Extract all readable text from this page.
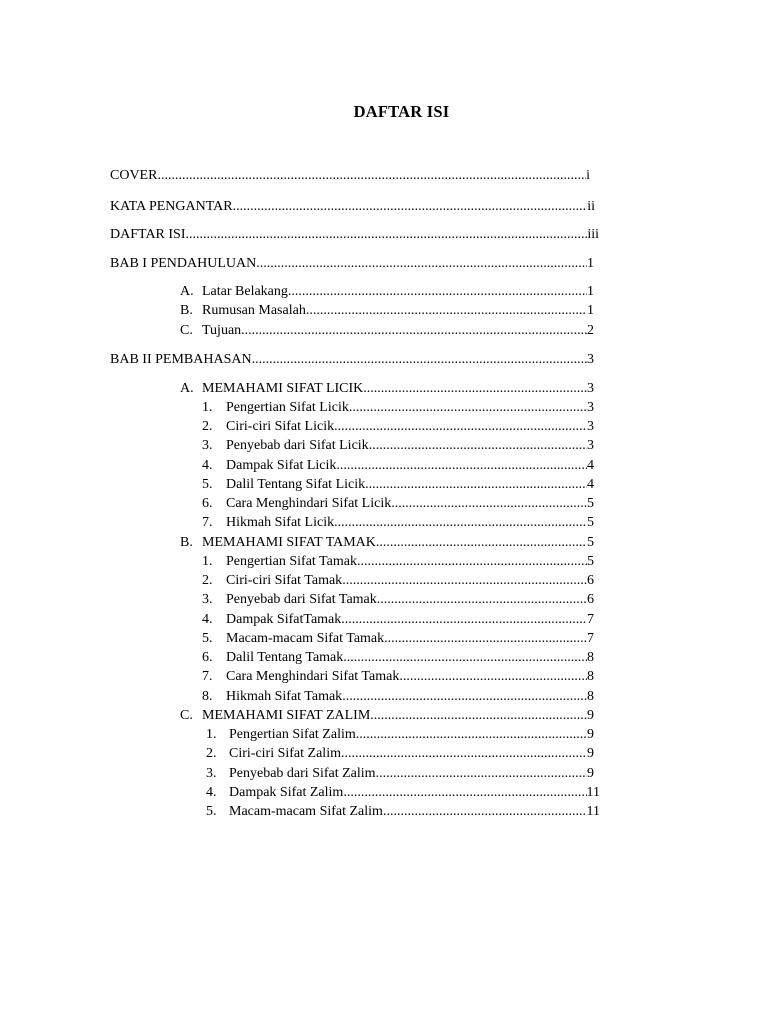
DAFTAR ISI
COVER .....	i
KATA PENGANTAR .....	ii
DAFTAR ISI .....	iii
BAB I PENDAHULUAN .....	1
A. Latar Belakang .....	1
B. Rumusan Masalah .....	1
C. Tujuan .....	2
BAB II PEMBAHASAN .....	3
A. MEMAHAMI SIFAT LICIK .....	3
1. Pengertian Sifat Licik .....	3
2. Ciri-ciri Sifat Licik .....	3
3. Penyebab dari Sifat Licik .....	3
4. Dampak Sifat Licik .....	4
5. Dalil Tentang Sifat Licik .....	4
6. Cara Menghindari Sifat Licik .....	5
7. Hikmah Sifat Licik .....	5
B. MEMAHAMI SIFAT TAMAK .....	5
1. Pengertian Sifat Tamak .....	5
2. Ciri-ciri Sifat Tamak .....	6
3. Penyebab dari Sifat Tamak .....	6
4. Dampak SifatTamak .....	7
5. Macam-macam Sifat Tamak .....	7
6. Dalil Tentang Tamak .....	8
7. Cara Menghindari Sifat Tamak .....	8
8. Hikmah Sifat Tamak .....	8
C. MEMAHAMI SIFAT ZALIM .....	9
1. Pengertian Sifat Zalim .....	9
2. Ciri-ciri Sifat Zalim .....	9
3. Penyebab dari Sifat Zalim .....	9
4. Dampak Sifat Zalim .....	11
5. Macam-macam Sifat Zalim .....	11
